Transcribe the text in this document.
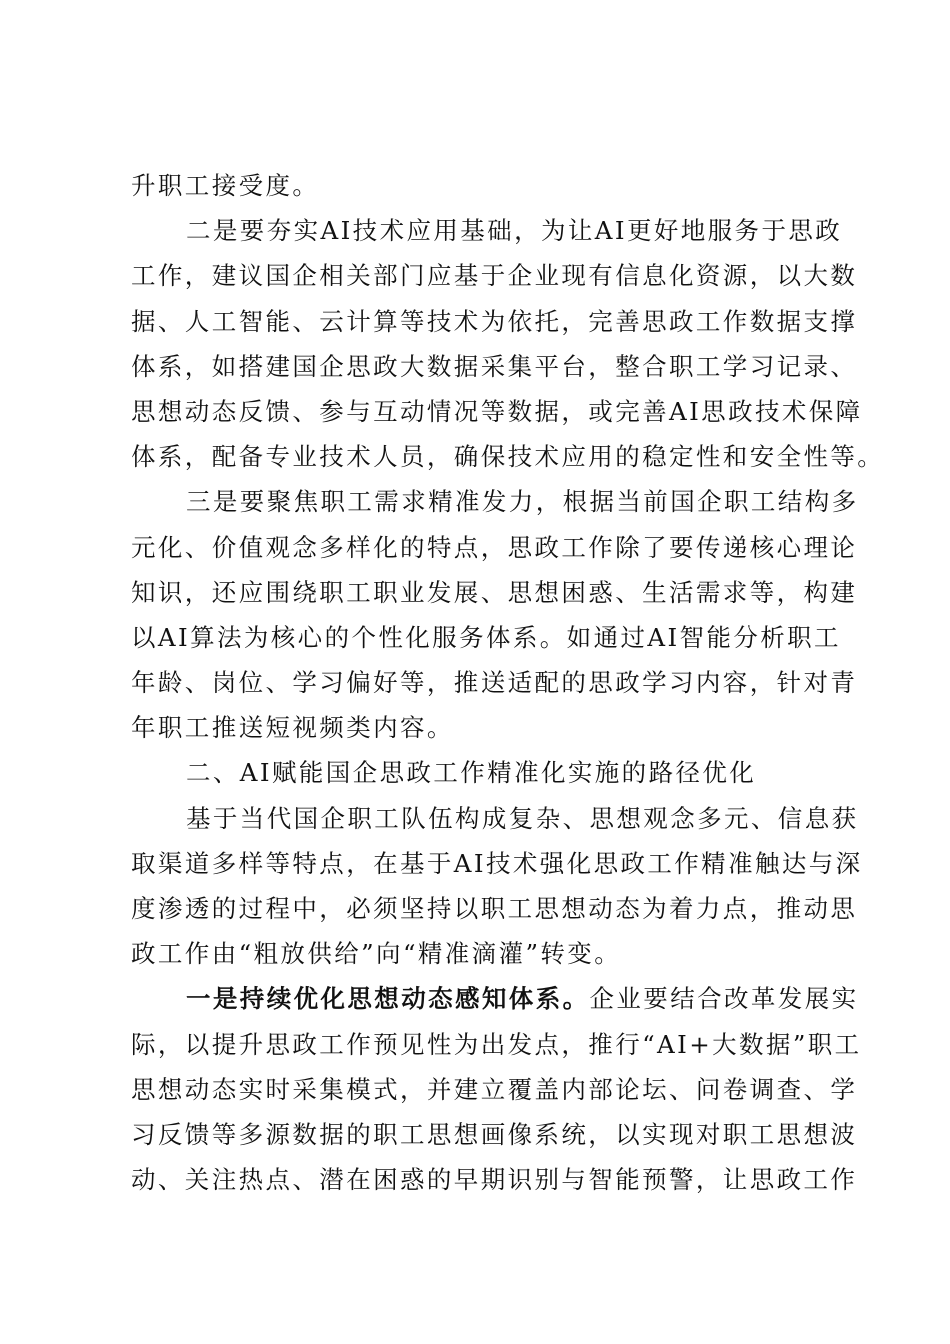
升职工接受度。
二是要夯实AI技术应用基础，为让AI更好地服务于思政
工作，建议国企相关部门应基于企业现有信息化资源，以大数
据、人工智能、云计算等技术为依托，完善思政工作数据支撑
体系，如搭建国企思政大数据采集平台，整合职工学习记录、
思想动态反馈、参与互动情况等数据，或完善AI思政技术保障
体系，配备专业技术人员，确保技术应用的稳定性和安全性等。
三是要聚焦职工需求精准发力，根据当前国企职工结构多
元化、价值观念多样化的特点，思政工作除了要传递核心理论
知识，还应围绕职工职业发展、思想困惑、生活需求等，构建
以AI算法为核心的个性化服务体系。如通过AI智能分析职工
年龄、岗位、学习偏好等，推送适配的思政学习内容，针对青
年职工推送短视频类内容。
二、AI赋能国企思政工作精准化实施的路径优化
基于当代国企职工队伍构成复杂、思想观念多元、信息获
取渠道多样等特点，在基于AI技术强化思政工作精准触达与深
度渗透的过程中，必须坚持以职工思想动态为着力点，推动思
政工作由“粗放供给”向“精准滴灌”转变。
一是持续优化思想动态感知体系。企业要结合改革发展实
际，以提升思政工作预见性为出发点，推行“AI+大数据”职工
思想动态实时采集模式，并建立覆盖内部论坛、问卷调查、学
习反馈等多源数据的职工思想画像系统，以实现对职工思想波
动、关注热点、潜在困惑的早期识别与智能预警，让思政工作
